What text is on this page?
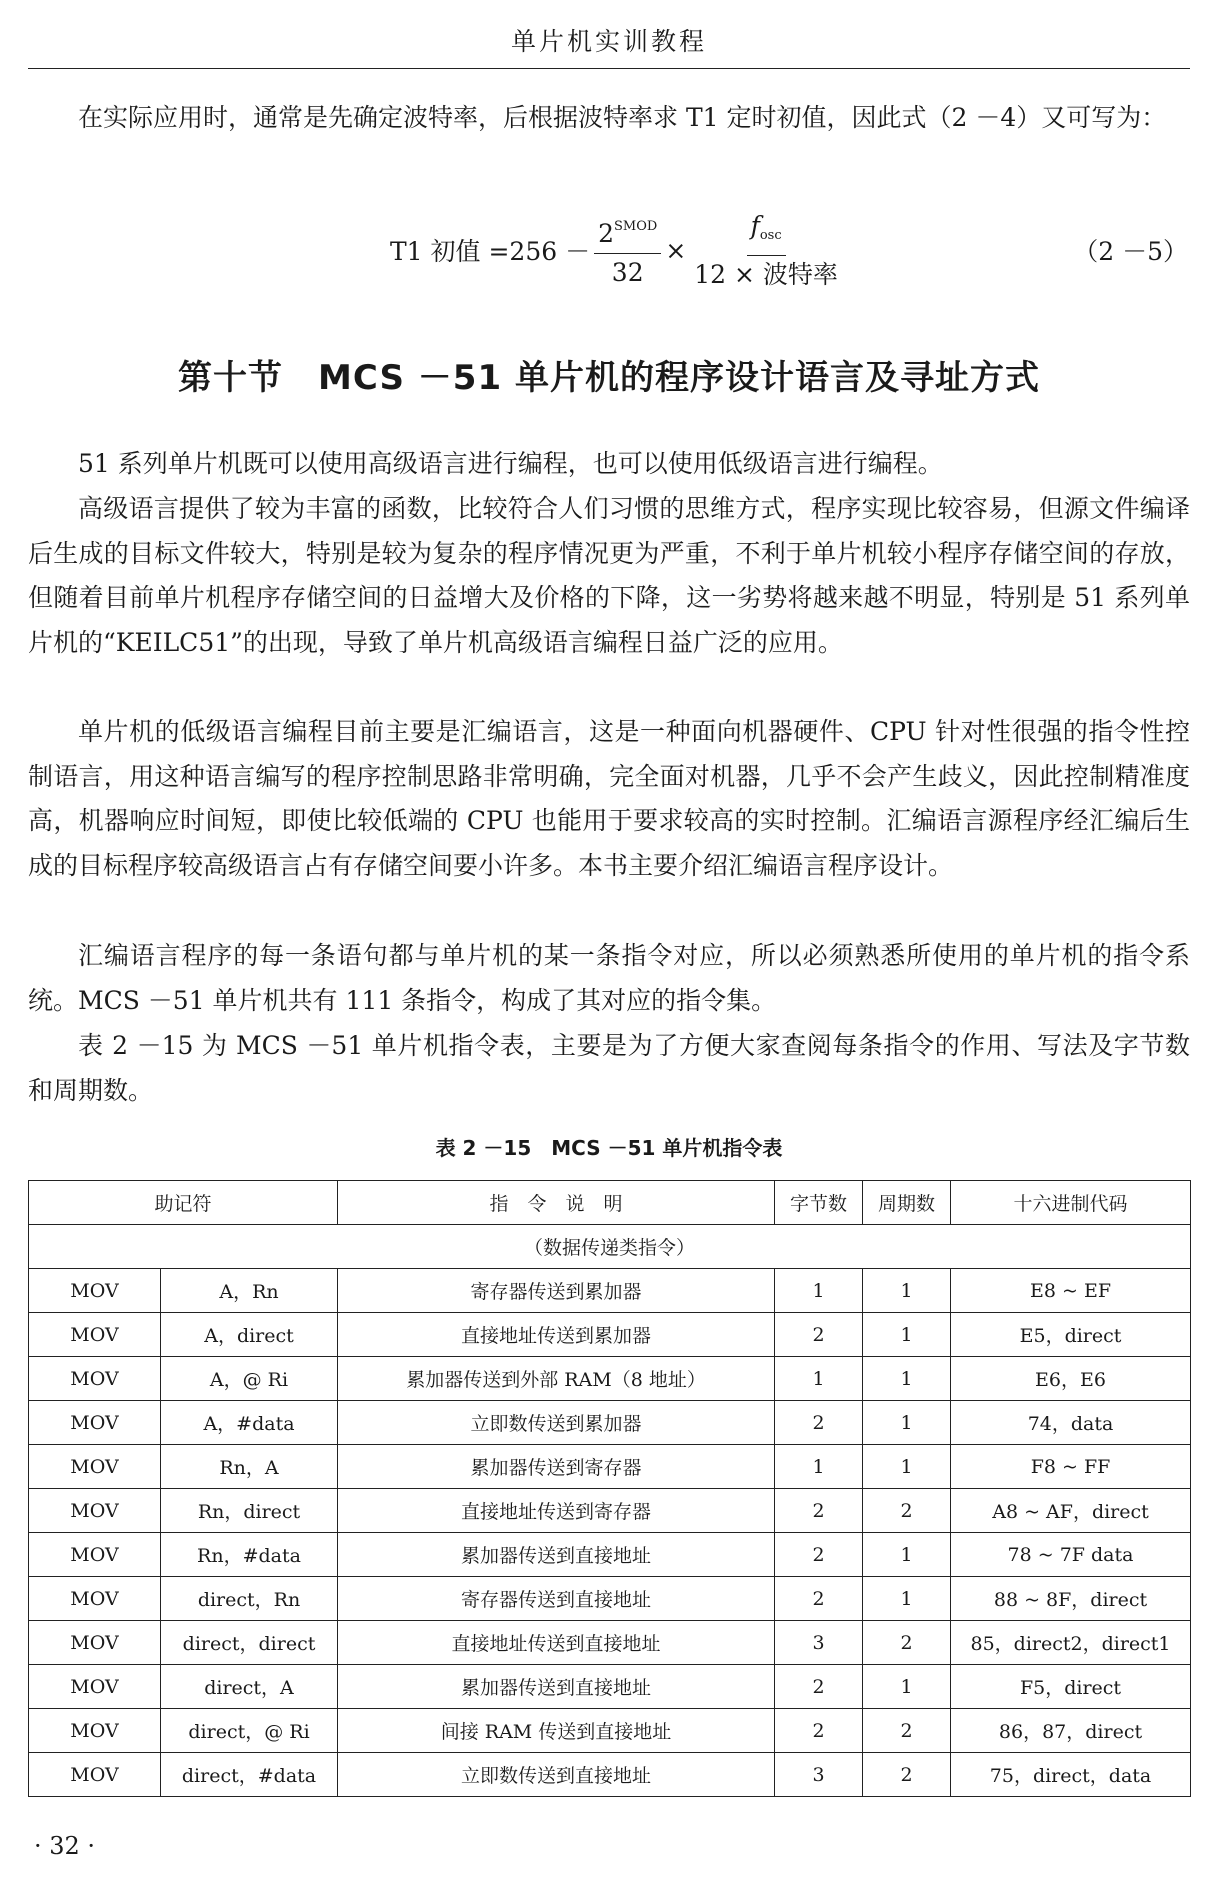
单片机实训教程

在实际应用时，通常是先确定波特率，后根据波特率求 T1 定时初值，因此式（2 －4）又可写为：

T1 初值 $=256 - \frac{2^{SMOD}}{32} \times \frac{f_{osc}}{\text{12 × 波特率}}$	（2 －5）
第十节　MCS －51 单片机的程序设计语言及寻址方式

51 系列单片机既可以使用高级语言进行编程，也可以使用低级语言进行编程。

高级语言提供了较为丰富的函数，比较符合人们习惯的思维方式，程序实现比较容易，但源文件编译后生成的目标文件较大，特别是较为复杂的程序情况更为严重，不利于单片机较小程序存储空间的存放，但随着目前单片机程序存储空间的日益增大及价格的下降，这一劣势将越来越不明显，特别是 51 系列单片机的“KEILC51”的出现，导致了单片机高级语言编程日益广泛的应用。

单片机的低级语言编程目前主要是汇编语言，这是一种面向机器硬件、CPU 针对性很强的指令性控制语言，用这种语言编写的程序控制思路非常明确，完全面对机器，几乎不会产生歧义，因此控制精准度高，机器响应时间短，即使比较低端的 CPU 也能用于要求较高的实时控制。汇编语言源程序经汇编后生成的目标程序较高级语言占有存储空间要小许多。本书主要介绍汇编语言程序设计。

汇编语言程序的每一条语句都与单片机的某一条指令对应，所以必须熟悉所使用的单片机的指令系统。MCS －51 单片机共有 111 条指令，构成了其对应的指令集。

表 2 －15 为 MCS －51 单片机指令表，主要是为了方便大家查阅每条指令的作用、写法及字节数和周期数。

表 2 －15　MCS －51 单片机指令表
助记符		指　令　说　明	字节数	周期数	十六进制代码
（数据传递类指令）					
MOV	A，Rn	寄存器传送到累加器	1	1	E8 ~ EF
MOV	A，direct	直接地址传送到累加器	2	1	E5，direct
MOV	A，@ Ri	累加器传送到外部 RAM（8 地址）	1	1	E6，E6
MOV	A，#data	立即数传送到累加器	2	1	74，data
MOV	Rn，A	累加器传送到寄存器	1	1	F8 ~ FF
MOV	Rn，direct	直接地址传送到寄存器	2	2	A8 ~ AF，direct
MOV	Rn，#data	累加器传送到直接地址	2	1	78 ~ 7F data
MOV	direct，Rn	寄存器传送到直接地址	2	1	88 ~ 8F，direct
MOV	direct，direct	直接地址传送到直接地址	3	2	85，direct2，direct1
MOV	direct，A	累加器传送到直接地址	2	1	F5，direct
MOV	direct，@ Ri	间接 RAM 传送到直接地址	2	2	86，87，direct
MOV	direct，#data	立即数传送到直接地址	3	2	75，direct，data
· 32 ·
